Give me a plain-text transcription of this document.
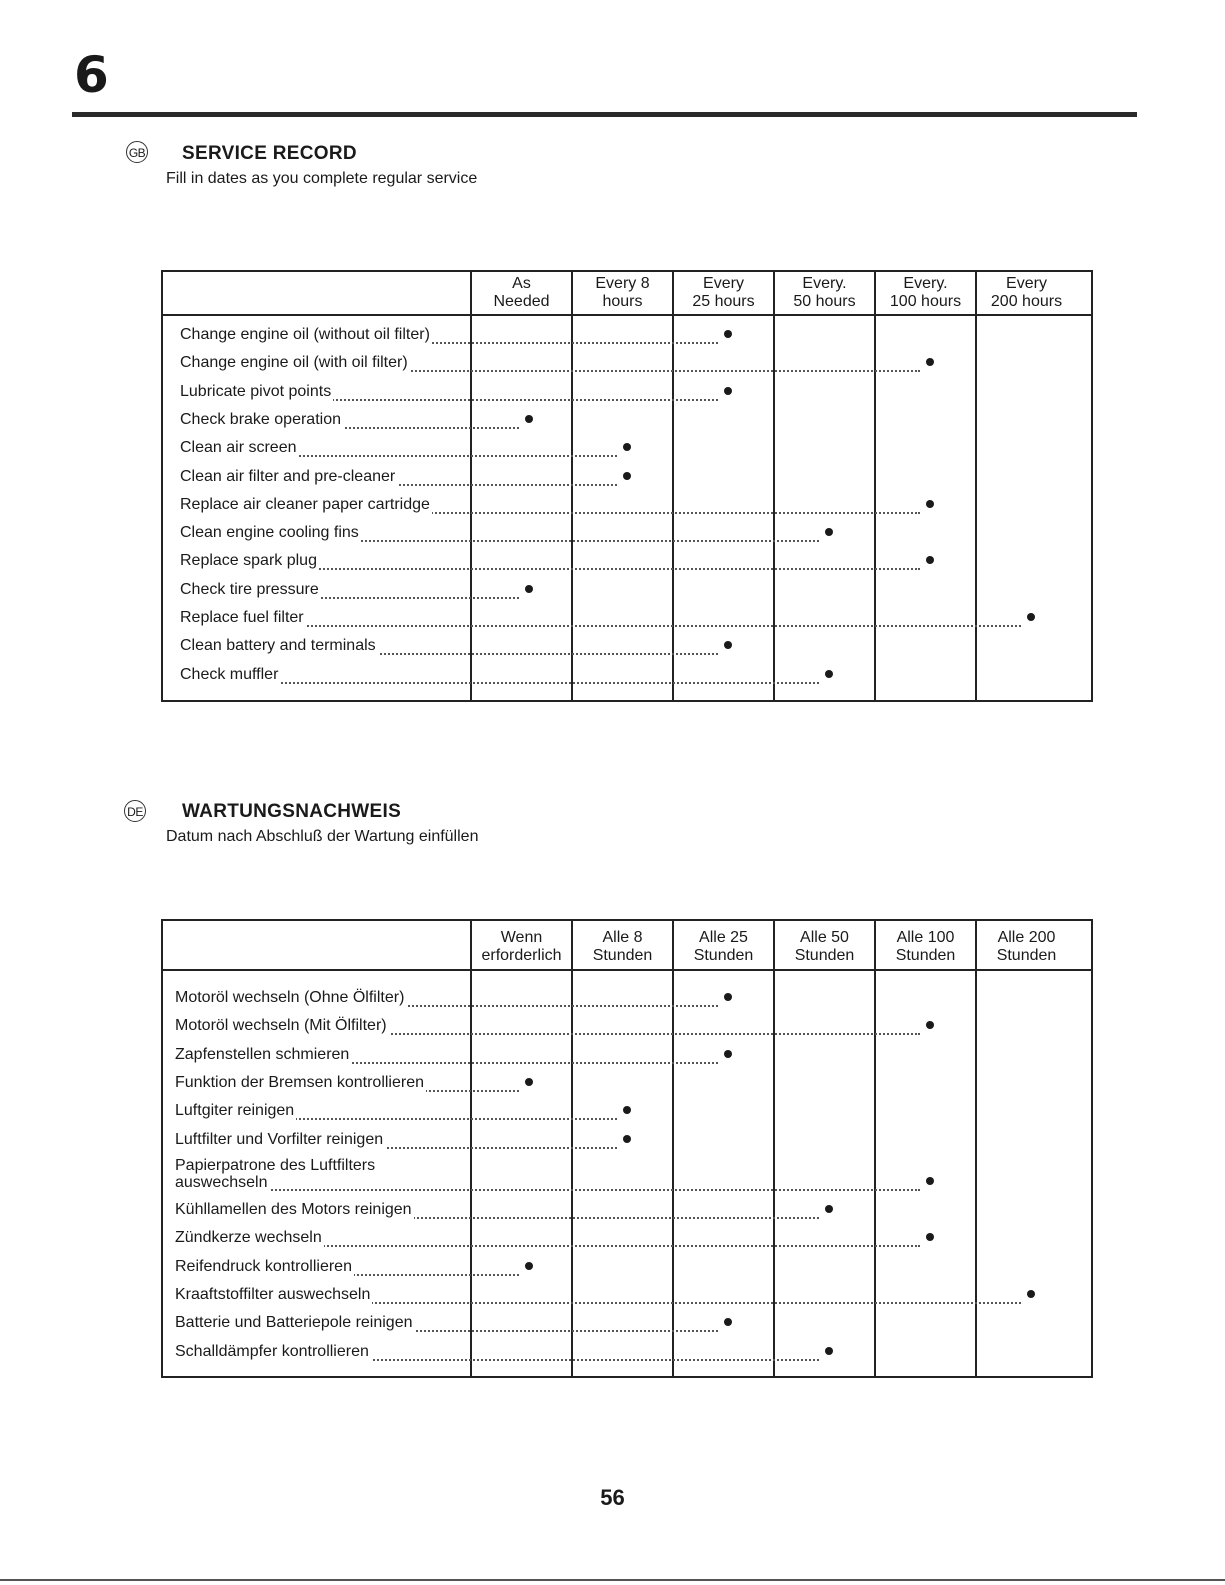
6
GB SERVICE RECORD
Fill in dates as you complete regular service
As
Needed
Every 8
hours
Every
25 hours
Every.
50 hours
Every.
100 hours
Every
200 hours
Change engine oil (without oil filter)
Change engine oil (with oil filter)
Lubricate pivot points
Check brake operation
Clean air screen
Clean air filter and pre-cleaner
Replace air cleaner paper cartridge
Clean engine cooling fins
Replace spark plug
Check tire pressure
Replace fuel filter
Clean battery and terminals
Check muffler
DE WARTUNGSNACHWEIS
Datum nach Abschluß der Wartung einfüllen
Wenn
erforderlich
Alle 8
Stunden
Alle 25
Stunden
Alle 50
Stunden
Alle 100
Stunden
Alle 200
Stunden
Motoröl wechseln (Ohne Ölfilter)
Motoröl wechseln (Mit Ölfilter)
Zapfenstellen schmieren
Funktion der Bremsen kontrollieren
Luftgiter reinigen
Luftfilter und Vorfilter reinigen
Papierpatrone des Luftfilters
auswechseln
Kühllamellen des Motors reinigen
Zündkerze wechseln
Reifendruck kontrollieren
Kraaftstoffilter auswechseln
Batterie und Batteriepole reinigen
Schalldämpfer kontrollieren
56
